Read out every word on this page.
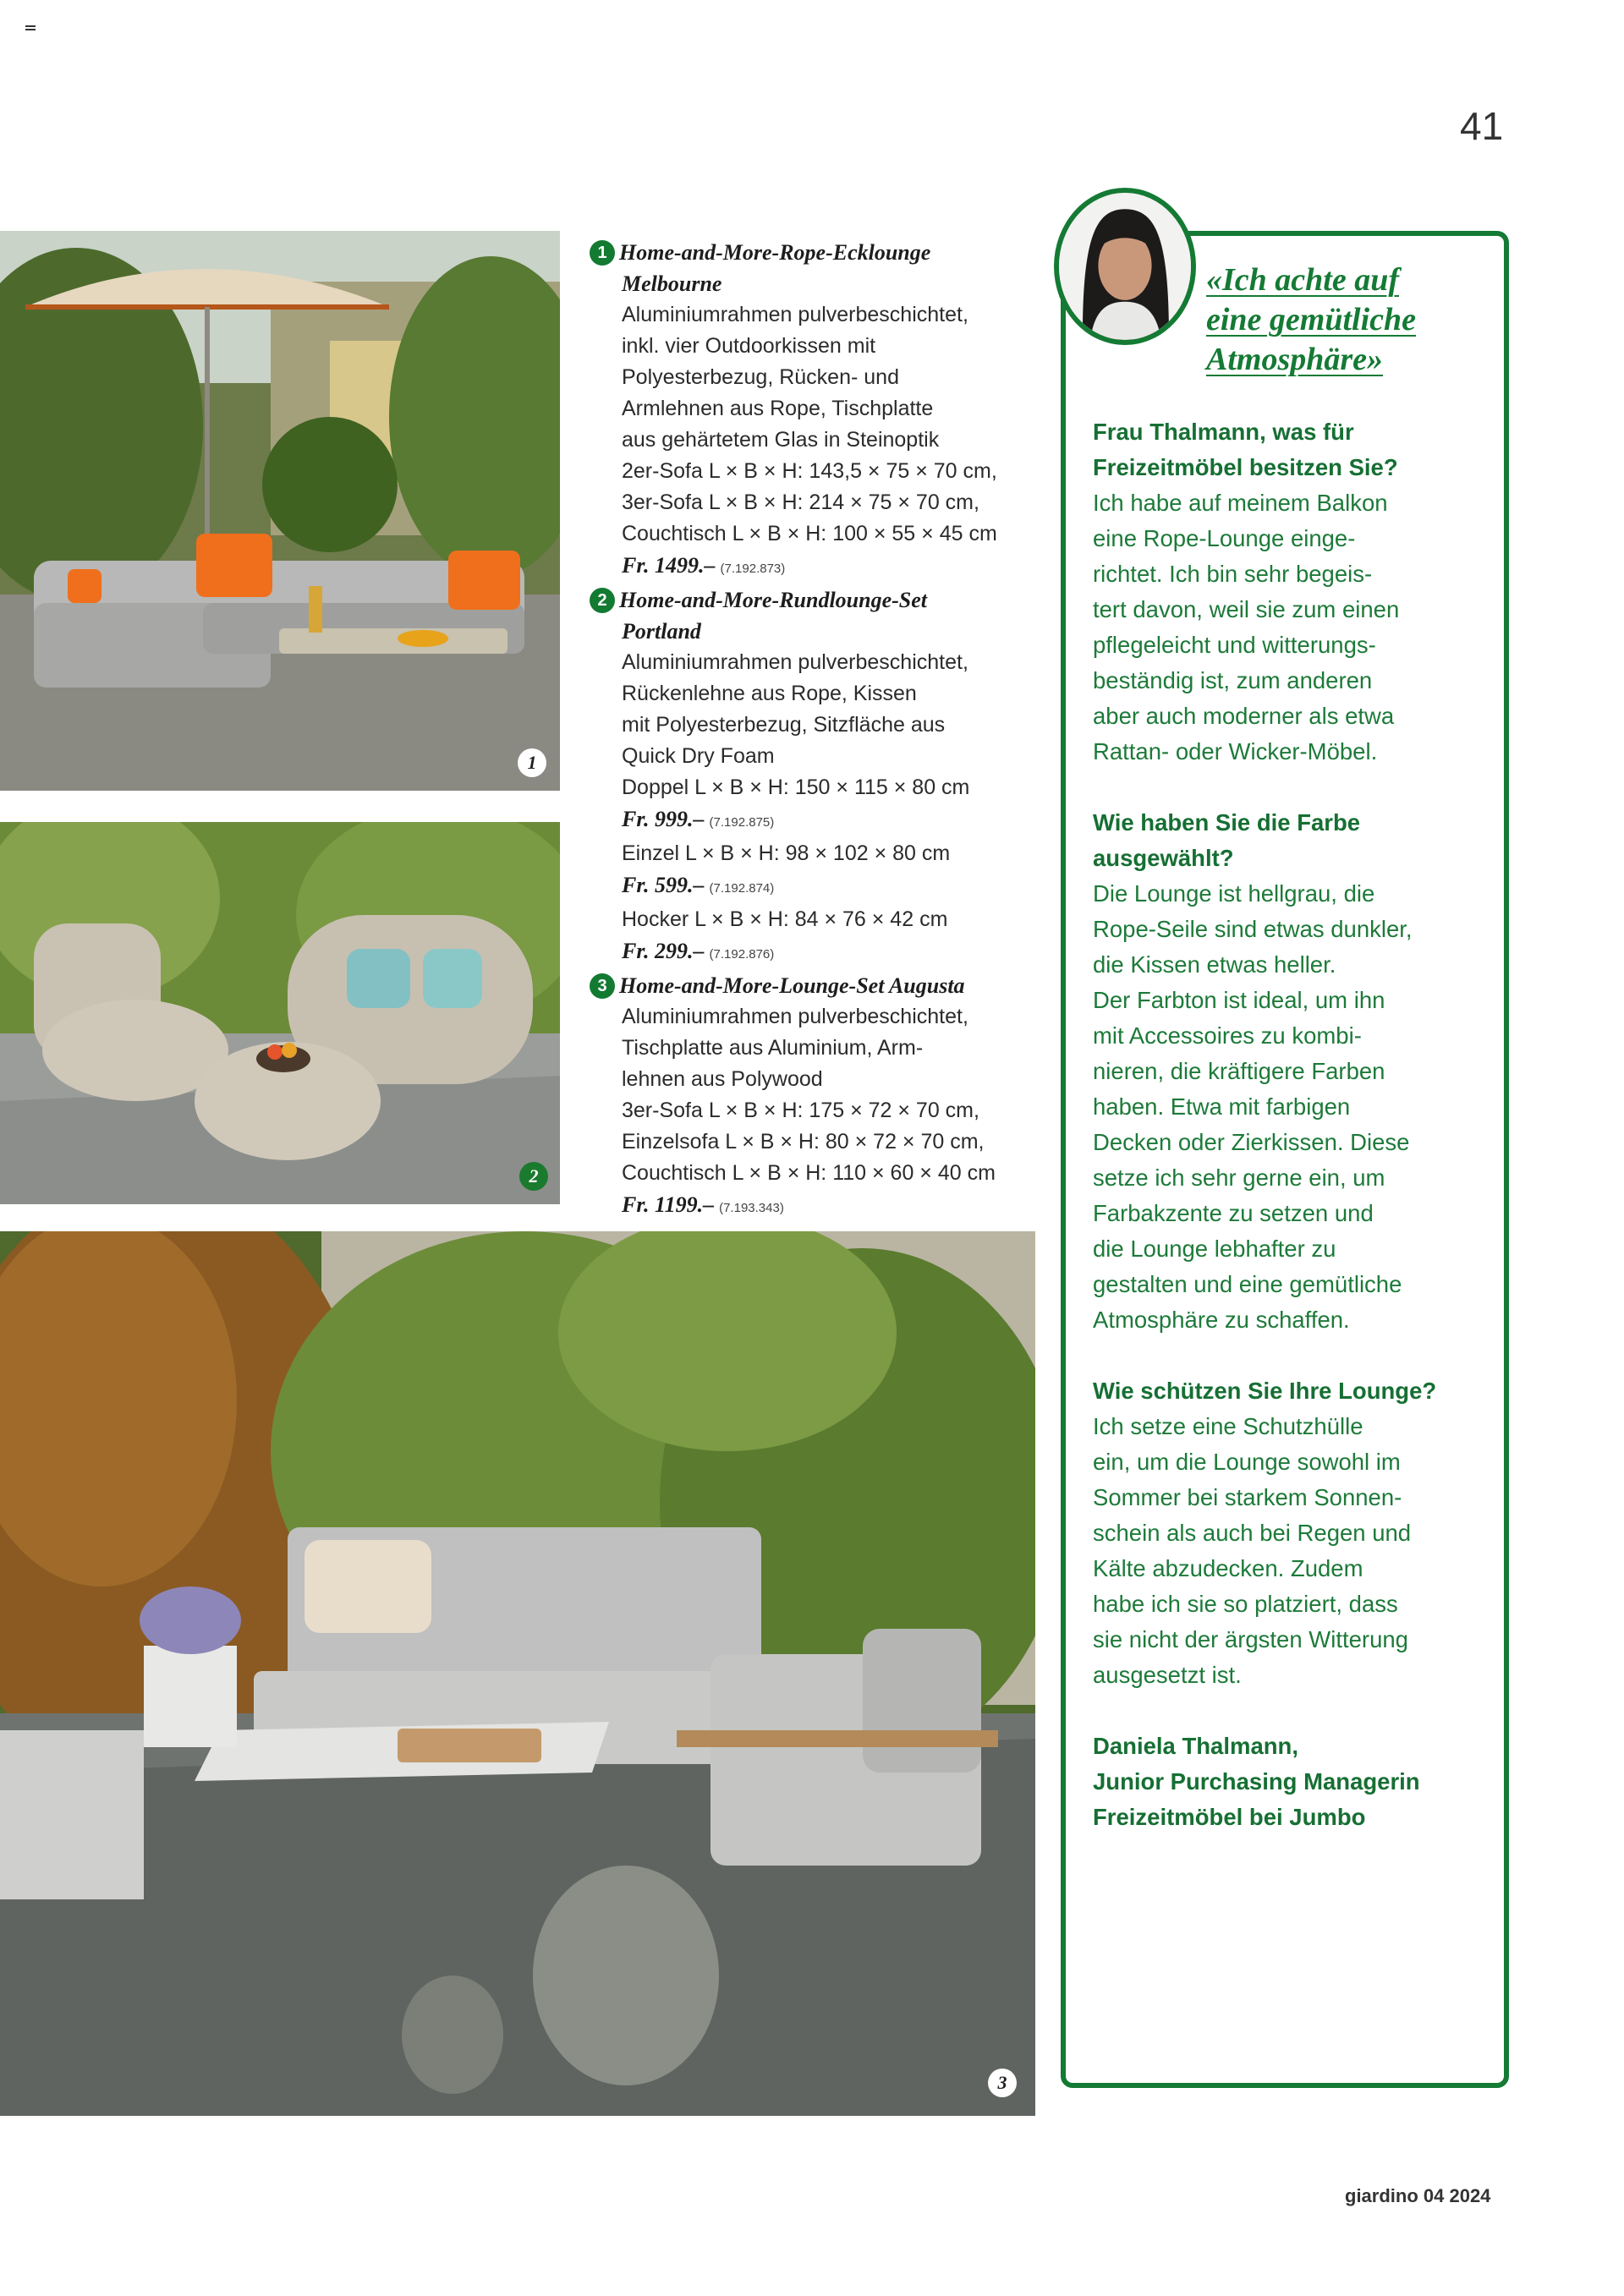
41
1
2
3
1 Home-and-More-Rope-Ecklounge
Melbourne
Aluminiumrahmen pulverbeschichtet,
inkl. vier Outdoorkissen mit
Polyesterbezug, Rücken- und
Armlehnen aus Rope, Tischplatte
aus gehärtetem Glas in Steinoptik
2er-Sofa L × B × H: 143,5 × 75 × 70 cm,
3er-Sofa L × B × H: 214 × 75 × 70 cm,
Couchtisch L × B × H: 100 × 55 × 45 cm
Fr. 1499.– (7.192.873)
2 Home-and-More-Rundlounge-Set
Portland
Aluminiumrahmen pulverbeschichtet,
Rückenlehne aus Rope, Kissen
mit Polyesterbezug, Sitzfläche aus
Quick Dry Foam
Doppel L × B × H: 150 × 115 × 80 cm
Fr. 999.– (7.192.875)
Einzel L × B × H: 98 × 102 × 80 cm
Fr. 599.– (7.192.874)
Hocker L × B × H: 84 × 76 × 42 cm
Fr. 299.– (7.192.876)
3 Home-and-More-Lounge-Set Augusta
Aluminiumrahmen pulverbeschichtet,
Tischplatte aus Aluminium, Arm-
lehnen aus Polywood
3er-Sofa L × B × H: 175 × 72 × 70 cm,
Einzelsofa L × B × H: 80 × 72 × 70 cm,
Couchtisch L × B × H: 110 × 60 × 40 cm
Fr. 1199.– (7.193.343)
«Ich achte auf
eine gemütliche
Atmosphäre»
Frau Thalmann, was für
Freizeitmöbel besitzen Sie?
Ich habe auf meinem Balkon
eine Rope-Lounge einge-
richtet. Ich bin sehr begeis-
tert davon, weil sie zum einen
pflegeleicht und witterungs-
beständig ist, zum anderen
aber auch moderner als etwa
Rattan- oder Wicker-Möbel.
Wie haben Sie die Farbe
ausgewählt?
Die Lounge ist hellgrau, die
Rope-Seile sind etwas dunkler,
die Kissen etwas heller.
Der Farbton ist ideal, um ihn
mit Accessoires zu kombi-
nieren, die kräftigere Farben
haben. Etwa mit farbigen
Decken oder Zierkissen. Diese
setze ich sehr gerne ein, um
Farbakzente zu setzen und
die Lounge lebhafter zu
gestalten und eine gemütliche
Atmosphäre zu schaffen.
Wie schützen Sie Ihre Lounge?
Ich setze eine Schutzhülle
ein, um die Lounge sowohl im
Sommer bei starkem Sonnen-
schein als auch bei Regen und
Kälte abzudecken. Zudem
habe ich sie so platziert, dass
sie nicht der ärgsten Witterung
ausgesetzt ist.
Daniela Thalmann,
Junior Purchasing Managerin
Freizeitmöbel bei Jumbo
giardino 04 2024
